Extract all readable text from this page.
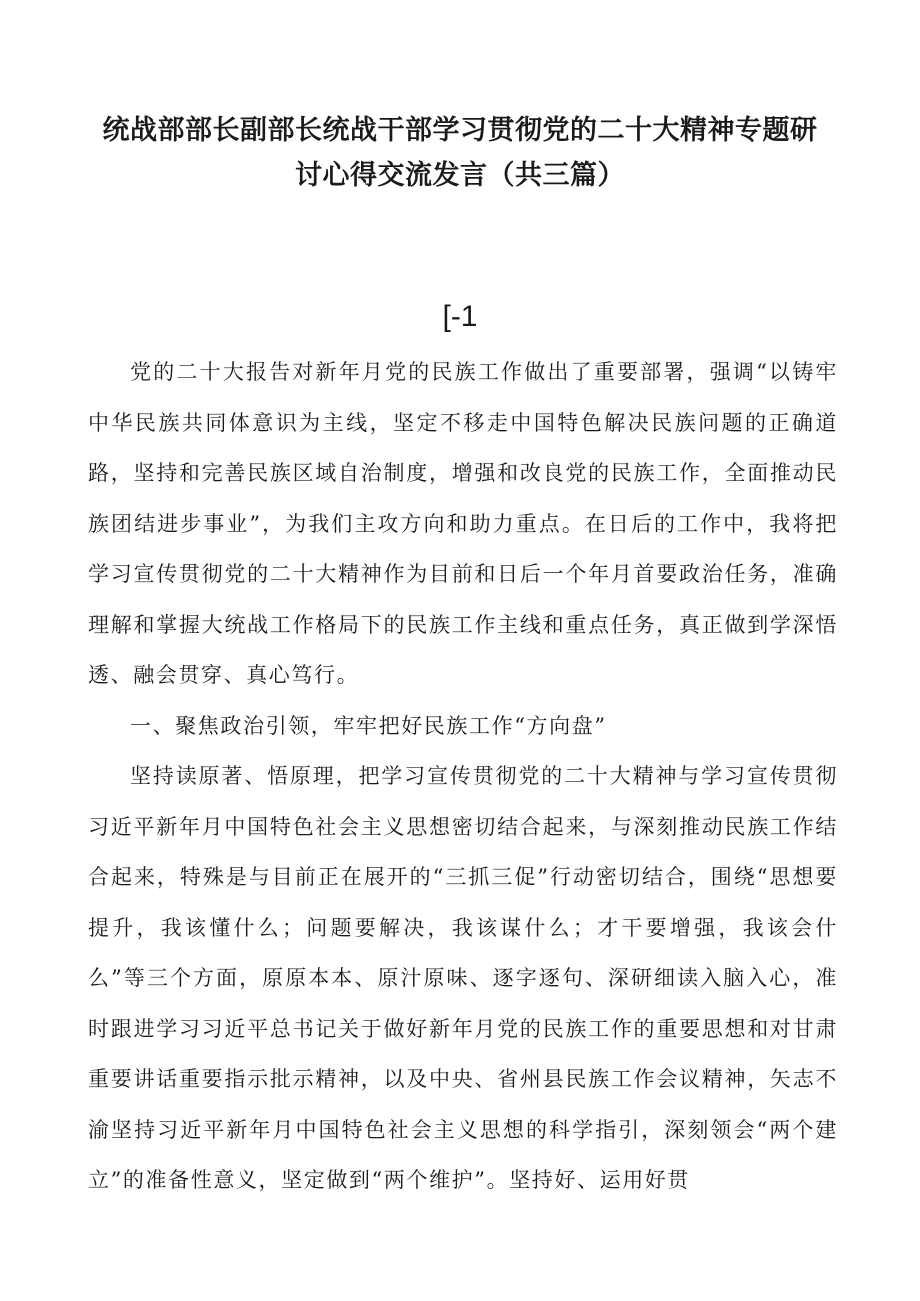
统战部部长副部长统战干部学习贯彻党的二十大精神专题研
讨心得交流发言（共三篇）
[-1

党的二十大报告对新年月党的民族工作做出了重要部署，强调“以铸牢中华民族共同体意识为主线，坚定不移走中国特色解决民族问题的正确道路，坚持和完善民族区域自治制度，增强和改良党的民族工作，全面推动民族团结进步事业”，为我们主攻方向和助力重点。在日后的工作中，我将把学习宣传贯彻党的二十大精神作为目前和日后一个年月首要政治任务，准确理解和掌握大统战工作格局下的民族工作主线和重点任务，真正做到学深悟透、融会贯穿、真心笃行。

一、聚焦政治引领，牢牢把好民族工作“方向盘”

坚持读原著、悟原理，把学习宣传贯彻党的二十大精神与学习宣传贯彻习近平新年月中国特色社会主义思想密切结合起来，与深刻推动民族工作结合起来，特殊是与目前正在展开的“三抓三促”行动密切结合，围绕“思想要提升，我该懂什么；问题要解决，我该谋什么；才干要增强，我该会什么”等三个方面，原原本本、原汁原味、逐字逐句、深研细读入脑入心，准时跟进学习习近平总书记关于做好新年月党的民族工作的重要思想和对甘肃重要讲话重要指示批示精神，以及中央、省州县民族工作会议精神，矢志不渝坚持习近平新年月中国特色社会主义思想的科学指引，深刻领会“两个建立”的准备性意义，坚定做到“两个维护”。坚持好、运用好贯
